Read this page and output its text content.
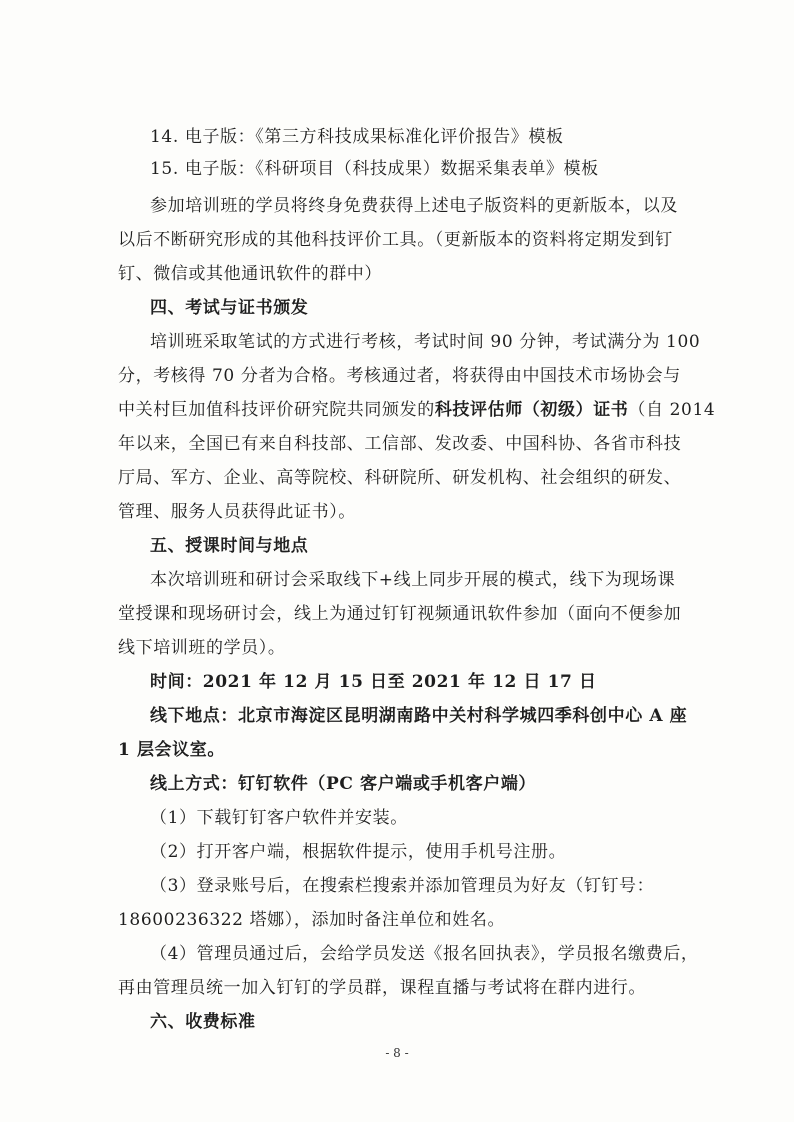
14. 电子版：《第三方科技成果标准化评价报告》模板
15. 电子版：《科研项目（科技成果）数据采集表单》模板
参加培训班的学员将终身免费获得上述电子版资料的更新版本，以及
以后不断研究形成的其他科技评价工具。（更新版本的资料将定期发到钉
钉、微信或其他通讯软件的群中）
四、考试与证书颁发
培训班采取笔试的方式进行考核，考试时间 90 分钟，考试满分为 100
分，考核得 70 分者为合格。考核通过者，将获得由中国技术市场协会与
中关村巨加值科技评价研究院共同颁发的科技评估师（初级）证书（自 2014
年以来，全国已有来自科技部、工信部、发改委、中国科协、各省市科技
厅局、军方、企业、高等院校、科研院所、研发机构、社会组织的研发、
管理、服务人员获得此证书）。
五、授课时间与地点
本次培训班和研讨会采取线下+线上同步开展的模式，线下为现场课
堂授课和现场研讨会，线上为通过钉钉视频通讯软件参加（面向不便参加
线下培训班的学员）。
时间：2021 年 12 月 15 日至 2021 年 12 日 17 日
线下地点：北京市海淀区昆明湖南路中关村科学城四季科创中心 A 座
1 层会议室。
线上方式：钉钉软件（PC 客户端或手机客户端）
（1）下载钉钉客户软件并安装。
（2）打开客户端，根据软件提示，使用手机号注册。
（3）登录账号后，在搜索栏搜索并添加管理员为好友（钉钉号：
18600236322 塔娜），添加时备注单位和姓名。
（4）管理员通过后，会给学员发送《报名回执表》，学员报名缴费后，
再由管理员统一加入钉钉的学员群，课程直播与考试将在群内进行。
六、收费标准
- 8 -
